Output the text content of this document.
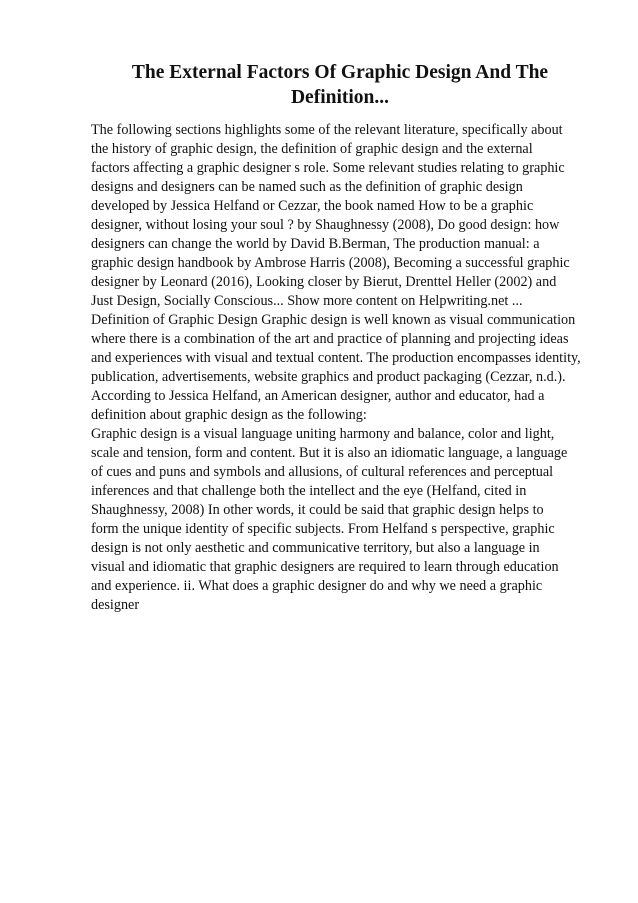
The External Factors Of Graphic Design And The
Definition...
The following sections highlights some of the relevant literature, specifically about
the history of graphic design, the definition of graphic design and the external
factors affecting a graphic designer s role. Some relevant studies relating to graphic
designs and designers can be named such as the definition of graphic design
developed by Jessica Helfand or Cezzar, the book named How to be a graphic
designer, without losing your soul ? by Shaughnessy (2008), Do good design: how
designers can change the world by David B.Berman, The production manual: a
graphic design handbook by Ambrose Harris (2008), Becoming a successful graphic
designer by Leonard (2016), Looking closer by Bierut, Drenttel Heller (2002) and
Just Design, Socially Conscious... Show more content on Helpwriting.net ...
Definition of Graphic Design Graphic design is well known as visual communication
where there is a combination of the art and practice of planning and projecting ideas
and experiences with visual and textual content. The production encompasses identity,
publication, advertisements, website graphics and product packaging (Cezzar, n.d.).
According to Jessica Helfand, an American designer, author and educator, had a
definition about graphic design as the following:
Graphic design is a visual language uniting harmony and balance, color and light,
scale and tension, form and content. But it is also an idiomatic language, a language
of cues and puns and symbols and allusions, of cultural references and perceptual
inferences and that challenge both the intellect and the eye (Helfand, cited in
Shaughnessy, 2008) In other words, it could be said that graphic design helps to
form the unique identity of specific subjects. From Helfand s perspective, graphic
design is not only aesthetic and communicative territory, but also a language in
visual and idiomatic that graphic designers are required to learn through education
and experience. ii. What does a graphic designer do and why we need a graphic
designer
